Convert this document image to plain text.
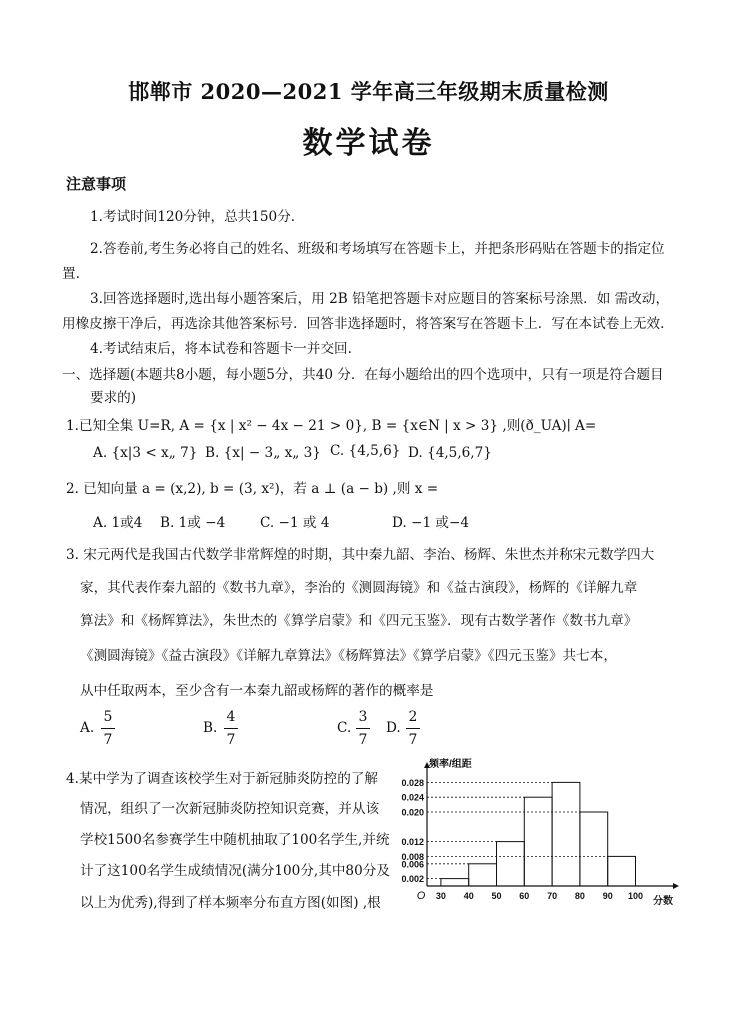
邯郸市 2020—2021 学年高三年级期末质量检测
数学试卷
注意事项
1.考试时间120分钟，总共150分.
2.答卷前,考生务必将自己的姓名、班级和考场填写在答题卡上，并把条形码贴在答题卡的指定位
置.
3.回答选择题时,选出每小题答案后，用 2B 铅笔把答题卡对应题目的答案标号涂黑．如 需改动，
用橡皮擦干净后，再选涂其他答案标号．回答非选择题时，将答案写在答题卡上．写在本试卷上无效.
4.考试结束后，将本试卷和答题卡一并交回.
一、选择题(本题共8小题，每小题5分，共40 分．在每小题给出的四个选项中，只有一项是符合题目
要求的)
1.已知全集 U=R, A = {x | x² − 4x − 21 > 0}, B = {x∈N | x > 3} ,则(ð_UA)∣ A=
A. {x|3 < x„ 7} B. {x| − 3„ x„ 3} C. {4,5,6} D. {4,5,6,7}
2. 已知向量 a = (x,2), b = (3, x²)，若 a ⊥ (a − b) ,则 x =
A. 1或4 B. 1或 −4	C. −1 或 4	D. −1 或−4
3. 宋元两代是我国古代数学非常辉煌的时期，其中秦九韶、李治、杨辉、朱世杰并称宋元数学四大
家，其代表作秦九韶的《数书九章》，李治的《测圆海镜》和《益古演段》，杨辉的《详解九章
算法》和《杨辉算法》，朱世杰的《算学启蒙》和《四元玉鉴》．现有古数学著作《数书九章》
《测圆海镜》《益古演段》《详解九章算法》《杨辉算法》《算学启蒙》《四元玉鉴》共七本，
从中任取两本，至少含有一本秦九韶或杨辉的著作的概率是
A.
5
7
B.
4
7
C.
3
7
D.
2
7
4.某中学为了调查该校学生对于新冠肺炎防控的了解
情况，组织了一次新冠肺炎防控知识竞赛，并从该
学校1500名参赛学生中随机抽取了100名学生,并统
计了这100名学生成绩情况(满分100分,其中80分及
以上为优秀),得到了样本频率分布直方图(如图) ,根
0.028
0.024
0.020
0.012
0.008
0.006
0.002
30 40 50 60 70 80 90 100
O
频率/组距
分数
